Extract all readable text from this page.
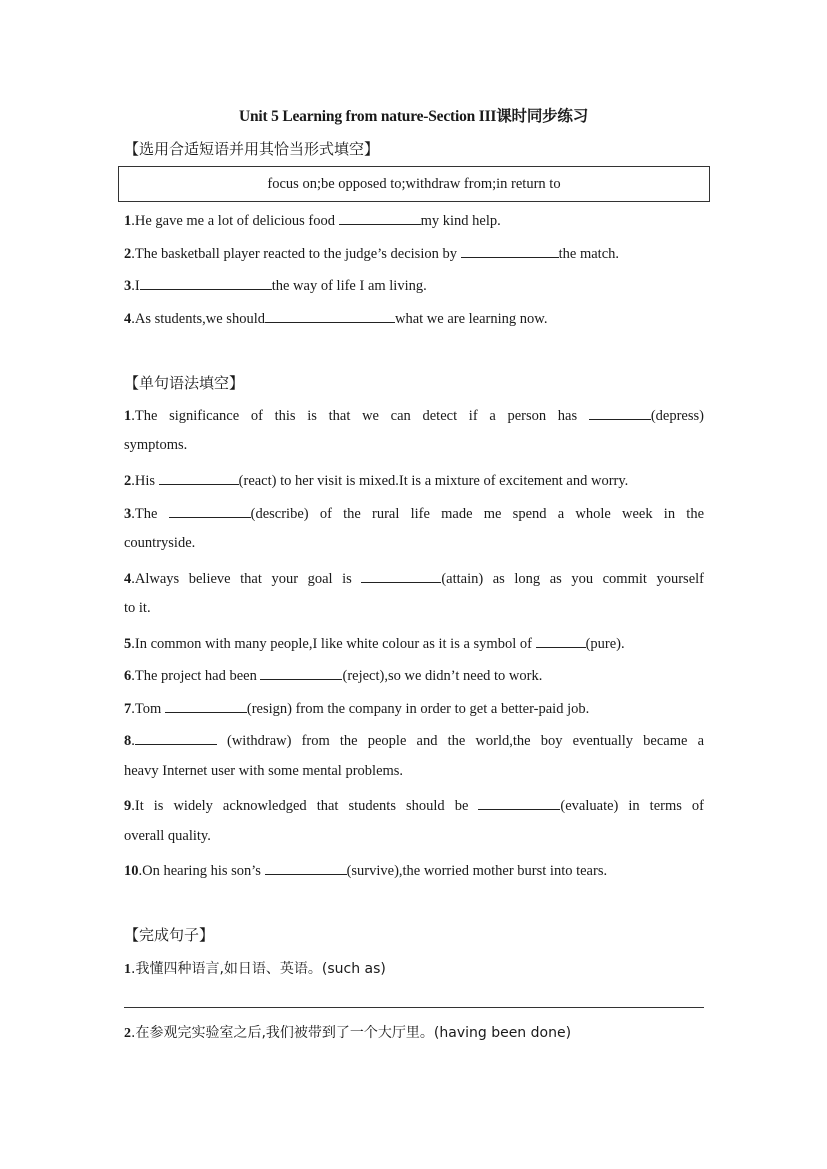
Unit 5 Learning from nature-Section III课时同步练习
【选用合适短语并用其恰当形式填空】
focus on;be opposed to;withdraw from;in return to
1.He gave me a lot of delicious food	my kind help.
2.The basketball player reacted to the judge’s decision by	the match.
3.I	the way of life I am living.
4.As students,we should	what we are learning now.
【单句语法填空】
1.The significance of this is that we can detect if a person has	(depress)
symptoms.
2.His	(react) to her visit is mixed.It is a mixture of excitement and worry.
3.The	(describe) of the rural life made me spend a whole week in the
countryside.
4.Always believe that your goal is	(attain) as long as you commit yourself
to it.
5.In common with many people,I like white colour as it is a symbol of	(pure).
6.The project had been	(reject),so we didn’t need to work.
7.Tom	(resign) from the company in order to get a better-paid job.
8.	(withdraw) from the people and the world,the boy eventually became a
heavy Internet user with some mental problems.
9.It is widely acknowledged that students should be	(evaluate) in terms of
overall quality.
10.On hearing his son’s	(survive),the worried mother burst into tears.
【完成句子】
1.我懂四种语言,如日语、英语。(such as)
2.在参观完实验室之后,我们被带到了一个大厅里。(having been done)
